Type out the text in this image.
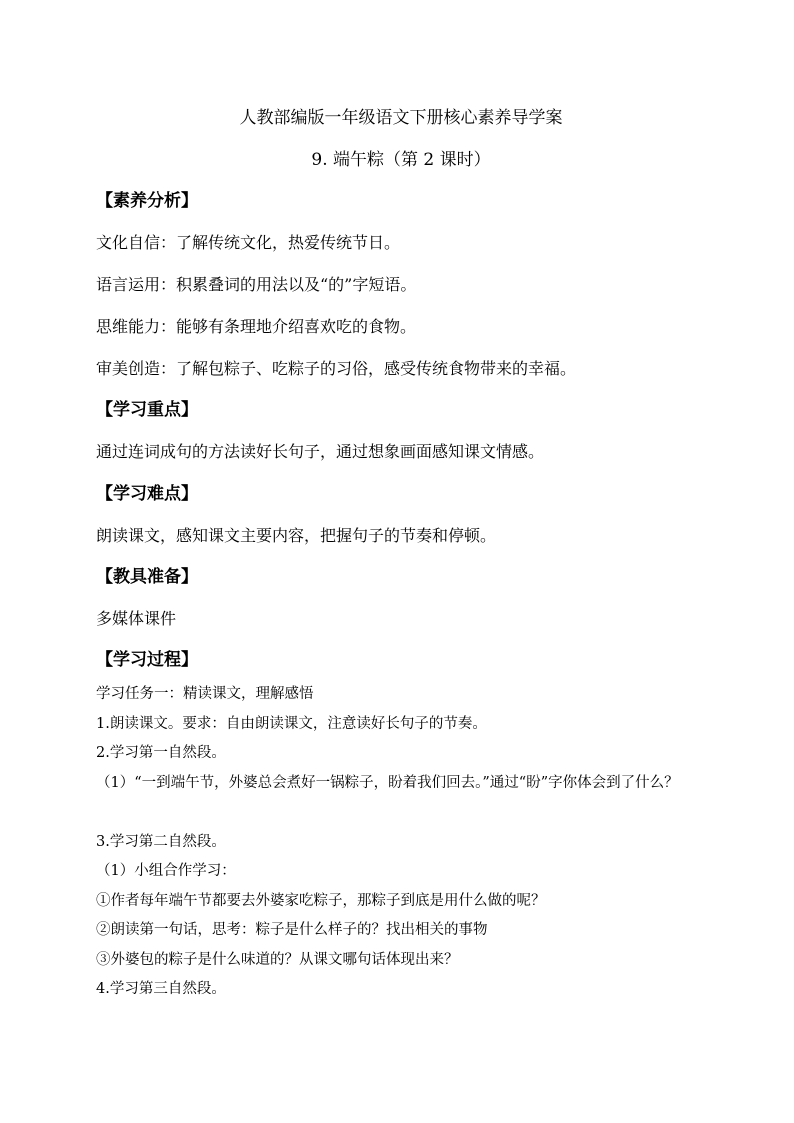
人教部编版一年级语文下册核心素养导学案
9. 端午粽（第 2 课时）
【素养分析】
文化自信：了解传统文化，热爱传统节日。
语言运用：积累叠词的用法以及“的”字短语。
思维能力：能够有条理地介绍喜欢吃的食物。
审美创造：了解包粽子、吃粽子的习俗，感受传统食物带来的幸福。
【学习重点】
通过连词成句的方法读好长句子，通过想象画面感知课文情感。
【学习难点】
朗读课文，感知课文主要内容，把握句子的节奏和停顿。
【教具准备】
多媒体课件
【学习过程】
学习任务一：精读课文，理解感悟
1.朗读课文。要求：自由朗读课文，注意读好长句子的节奏。
2.学习第一自然段。
（1）“一到端午节，外婆总会煮好一锅粽子，盼着我们回去。”通过“盼”字你体会到了什么？
3.学习第二自然段。
（1）小组合作学习：
①作者每年端午节都要去外婆家吃粽子，那粽子到底是用什么做的呢？
②朗读第一句话，思考：粽子是什么样子的？找出相关的事物
③外婆包的粽子是什么味道的？从课文哪句话体现出来？
4.学习第三自然段。
